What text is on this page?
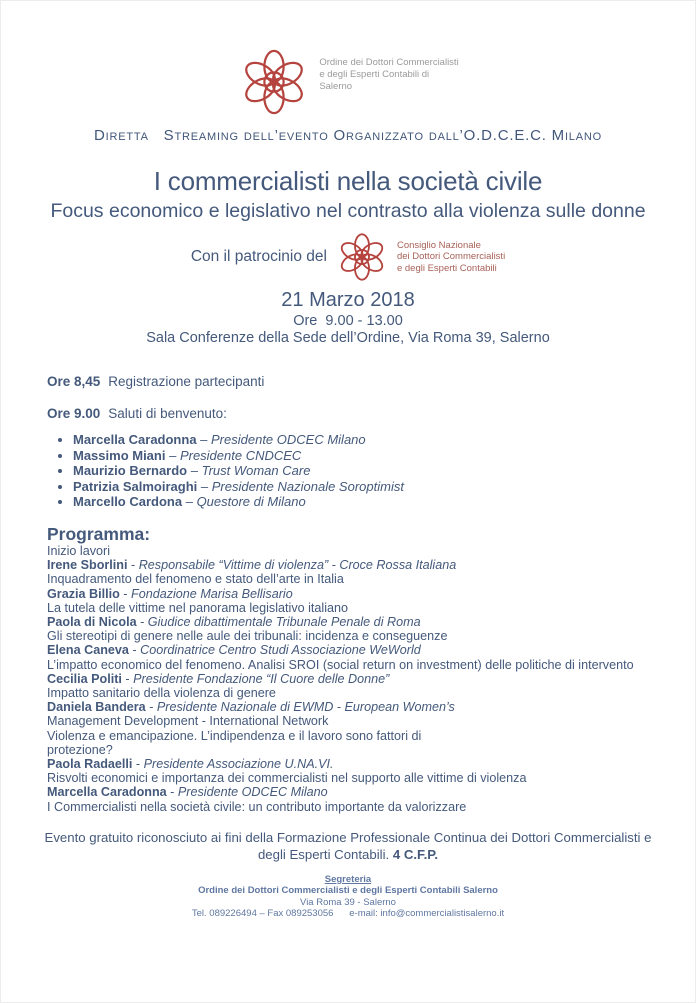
Ordine dei Dottori Commercialisti
e degli Esperti Contabili di
Salerno
Diretta   Streaming dell’evento Organizzato dall’O.D.C.E.C. Milano
I commercialisti nella società civile
Focus economico e legislativo nel contrasto alla violenza sulle donne
Con il patrocinio del
Consiglio Nazionale
dei Dottori Commercialisti
e degli Esperti Contabili
21 Marzo 2018
Ore  9.00 - 13.00
Sala Conferenze della Sede dell’Ordine, Via Roma 39, Salerno
Ore 8,45 Registrazione partecipanti
Ore 9.00 Saluti di benvenuto:
• Marcella Caradonna – Presidente ODCEC Milano
• Massimo Miani – Presidente CNDCEC
• Maurizio Bernardo – Trust Woman Care
• Patrizia Salmoiraghi – Presidente Nazionale Soroptimist
• Marcello Cardona – Questore di Milano
Programma:
Inizio lavori
Irene Sborlini - Responsabile “Vittime di violenza” - Croce Rossa Italiana
Inquadramento del fenomeno e stato dell’arte in Italia
Grazia Billio - Fondazione Marisa Bellisario
La tutela delle vittime nel panorama legislativo italiano
Paola di Nicola - Giudice dibattimentale Tribunale Penale di Roma
Gli stereotipi di genere nelle aule dei tribunali: incidenza e conseguenze
Elena Caneva - Coordinatrice Centro Studi Associazione WeWorld
L’impatto economico del fenomeno. Analisi SROI (social return on investment) delle politiche di intervento
Cecilia Politi - Presidente Fondazione “Il Cuore delle Donne”
Impatto sanitario della violenza di genere
Daniela Bandera - Presidente Nazionale di EWMD - European Women’s
Management Development - International Network
Violenza e emancipazione. L’indipendenza e il lavoro sono fattori di
protezione?
Paola Radaelli - Presidente Associazione U.NA.VI.
Risvolti economici e importanza dei commercialisti nel supporto alle vittime di violenza
Marcella Caradonna - Presidente ODCEC Milano
I Commercialisti nella società civile: un contributo importante da valorizzare
Evento gratuito riconosciuto ai fini della Formazione Professionale Continua dei Dottori Commercialisti e degli Esperti Contabili. 4 C.F.P.
Segreteria
Ordine dei Dottori Commercialisti e degli Esperti Contabili Salerno
Via Roma 39 - Salerno
Tel. 089226494 – Fax 089253056      e-mail: info@commercialistisalerno.it
